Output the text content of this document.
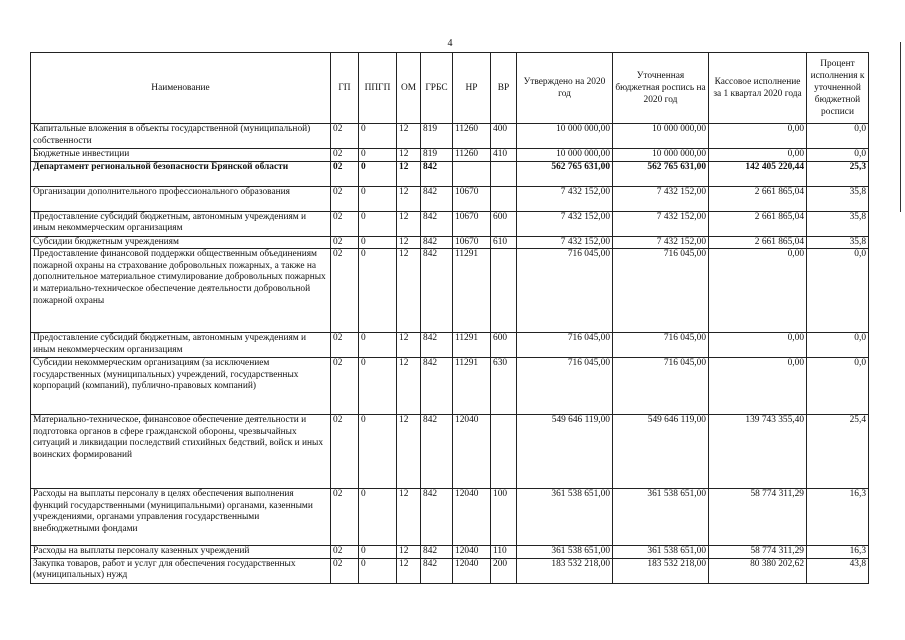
4
Наименование	ГП	ППГП	ОМ	ГРБС	НР	ВР	Утверждено на 2020 год	Уточненная бюджетная роспись на 2020 год	Кассовое исполнение за 1 квартал 2020 года	Процент исполнения к уточненной бюджетной росписи
Капитальные вложения в объекты государственной (муниципальной) собственности	02	0	12	819	11260	400	10 000 000,00	10 000 000,00	0,00	0,0
Бюджетные инвестиции	02	0	12	819	11260	410	10 000 000,00	10 000 000,00	0,00	0,0
Департамент региональной безопасности Брянской области	02	0	12	842			562 765 631,00	562 765 631,00	142 405 220,44	25,3
Организации дополнительного профессионального образования	02	0	12	842	10670		7 432 152,00	7 432 152,00	2 661 865,04	35,8
Предоставление субсидий бюджетным, автономным учреждениям и иным некоммерческим организациям	02	0	12	842	10670	600	7 432 152,00	7 432 152,00	2 661 865,04	35,8
Субсидии бюджетным учреждениям	02	0	12	842	10670	610	7 432 152,00	7 432 152,00	2 661 865,04	35,8
Предоставление финансовой поддержки общественным объединениям пожарной охраны на страхование добровольных пожарных, а также на дополнительное материальное стимулирование добровольных пожарных и материально-техническое обеспечение деятельности добровольной пожарной охраны	02	0	12	842	11291		716 045,00	716 045,00	0,00	0,0
Предоставление субсидий бюджетным, автономным учреждениям и иным некоммерческим организациям	02	0	12	842	11291	600	716 045,00	716 045,00	0,00	0,0
Субсидии некоммерческим организациям (за исключением государственных (муниципальных) учреждений, государственных корпораций (компаний), публично-правовых компаний)	02	0	12	842	11291	630	716 045,00	716 045,00	0,00	0,0
Материально-техническое, финансовое обеспечение деятельности и подготовка органов в сфере гражданской обороны, чрезвычайных ситуаций и ликвидации последствий стихийных бедствий, войск и иных воинских формирований	02	0	12	842	12040		549 646 119,00	549 646 119,00	139 743 355,40	25,4
Расходы на выплаты персоналу в целях обеспечения выполнения функций государственными (муниципальными) органами, казенными учреждениями, органами управления государственными внебюджетными фондами	02	0	12	842	12040	100	361 538 651,00	361 538 651,00	58 774 311,29	16,3
Расходы на выплаты персоналу казенных учреждений	02	0	12	842	12040	110	361 538 651,00	361 538 651,00	58 774 311,29	16,3
Закупка товаров, работ и услуг для обеспечения государственных (муниципальных) нужд	02	0	12	842	12040	200	183 532 218,00	183 532 218,00	80 380 202,62	43,8
